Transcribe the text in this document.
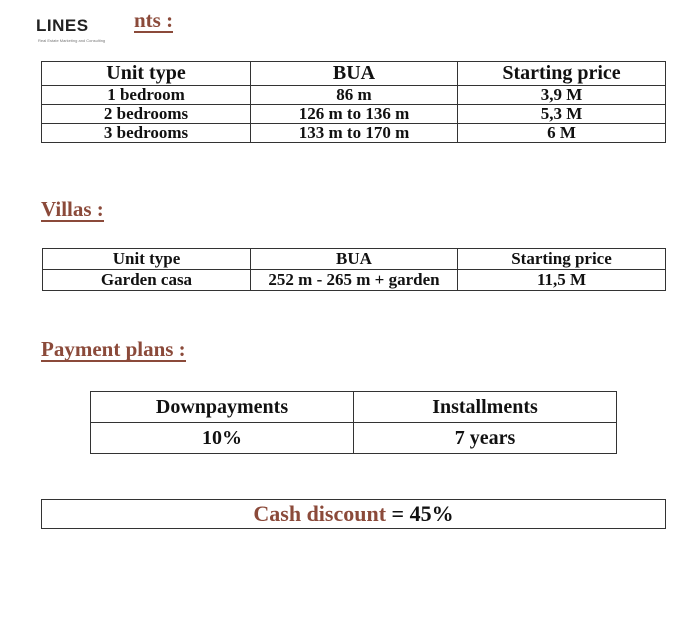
LINES
Real Estate Marketing and Consulting
nts :
Unit type	BUA	Starting price
1 bedroom	86 m	3,9 M
2 bedrooms	126 m to 136 m	5,3 M
3 bedrooms	133 m to 170 m	6 M
Villas :
Unit type	BUA	Starting price
Garden casa	252 m - 265 m + garden	11,5 M
Payment plans :
Downpayments	Installments
10%	7 years
Cash discount = 45%
